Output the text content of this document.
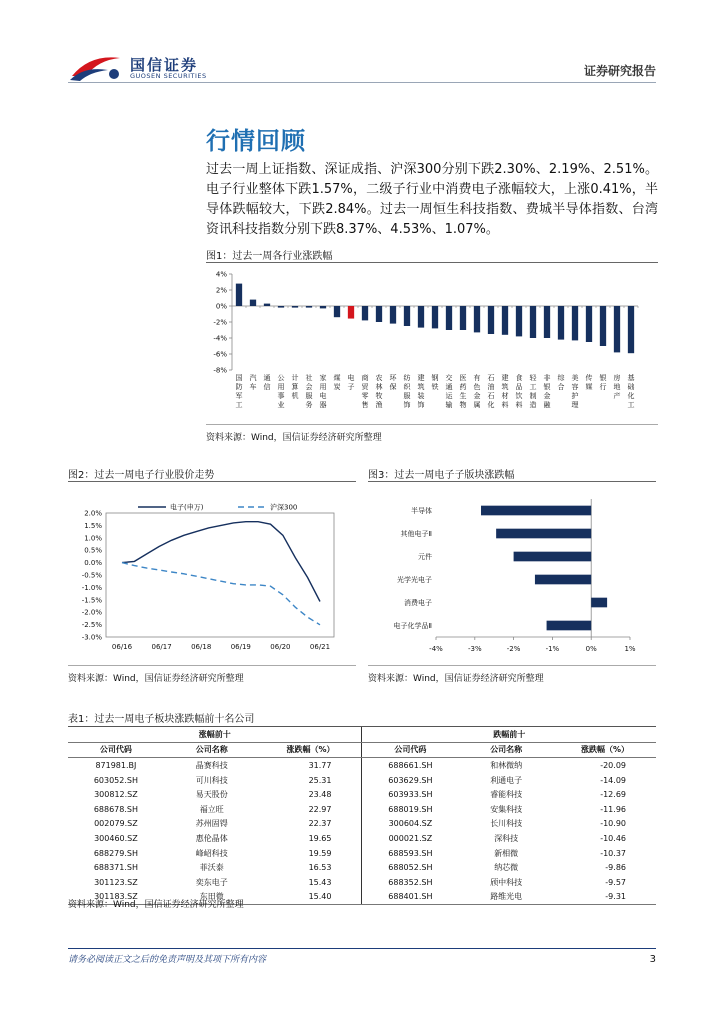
国信证券
GUOSEN SECURITIES	证券研究报告
行情回顾
过去一周上证指数、深证成指、沪深300分别下跌2.30%、2.19%、2.51%。电子行业整体下跌1.57%，二级子行业中消费电子涨幅较大，上涨0.41%，半导体跌幅较大，下跌2.84%。过去一周恒生科技指数、费城半导体指数、台湾资讯科技指数分别下跌8.37%、4.53%、1.07%。
图1：过去一周各行业涨跌幅
4%
2%
0%
-2%
-4%
-6%
-8%
国防军工
汽车
通信
公用事业
计算机
社会服务
家用电器
煤炭
电子
商贸零售
农林牧渔
环保
纺织服饰
建筑装饰
钢铁
交通运输
医药生物
有色金属
石油石化
建筑材料
食品饮料
轻工制造
非银金融
综合
美容护理
传媒
银行
房地产
基础化工
资料来源：Wind，国信证券经济研究所整理
图2：过去一周电子行业股价走势
2.0%
1.5%
1.0%
0.5%
0.0%
-0.5%
-1.0%
-1.5%
-2.0%
-2.5%
-3.0%
06/16	06/17	06/18	06/19	06/20	06/21
电子(申万)	沪深300
资料来源：Wind，国信证券经济研究所整理
图3：过去一周电子子版块涨跌幅
-4%	-3%	-2%	-1%	0%	1%
半导体
其他电子Ⅱ
元件
光学光电子
消费电子
电子化学品Ⅱ
资料来源：Wind，国信证券经济研究所整理
表1：过去一周电子板块涨跌幅前十名公司
涨幅前十			跌幅前十		
公司代码	公司名称	涨跌幅（%）	公司代码	公司名称	涨跌幅（%）
871981.BJ	晶赛科技	31.77	688661.SH	和林微纳	-20.09
603052.SH	可川科技	25.31	603629.SH	利通电子	-14.09
300812.SZ	易天股份	23.48	603933.SH	睿能科技	-12.69
688678.SH	福立旺	22.97	688019.SH	安集科技	-11.96
002079.SZ	苏州固锝	22.37	300604.SZ	长川科技	-10.90
300460.SZ	惠伦晶体	19.65	000021.SZ	深科技	-10.46
688279.SH	峰岹科技	19.59	688593.SH	新相微	-10.37
688371.SH	菲沃泰	16.53	688052.SH	纳芯微	-9.86
301123.SZ	奕东电子	15.43	688352.SH	颀中科技	-9.57
301183.SZ	东田微	15.40	688401.SH	路维光电	-9.31
资料来源：Wind，国信证券经济研究所整理
请务必阅读正文之后的免责声明及其项下所有内容	3
